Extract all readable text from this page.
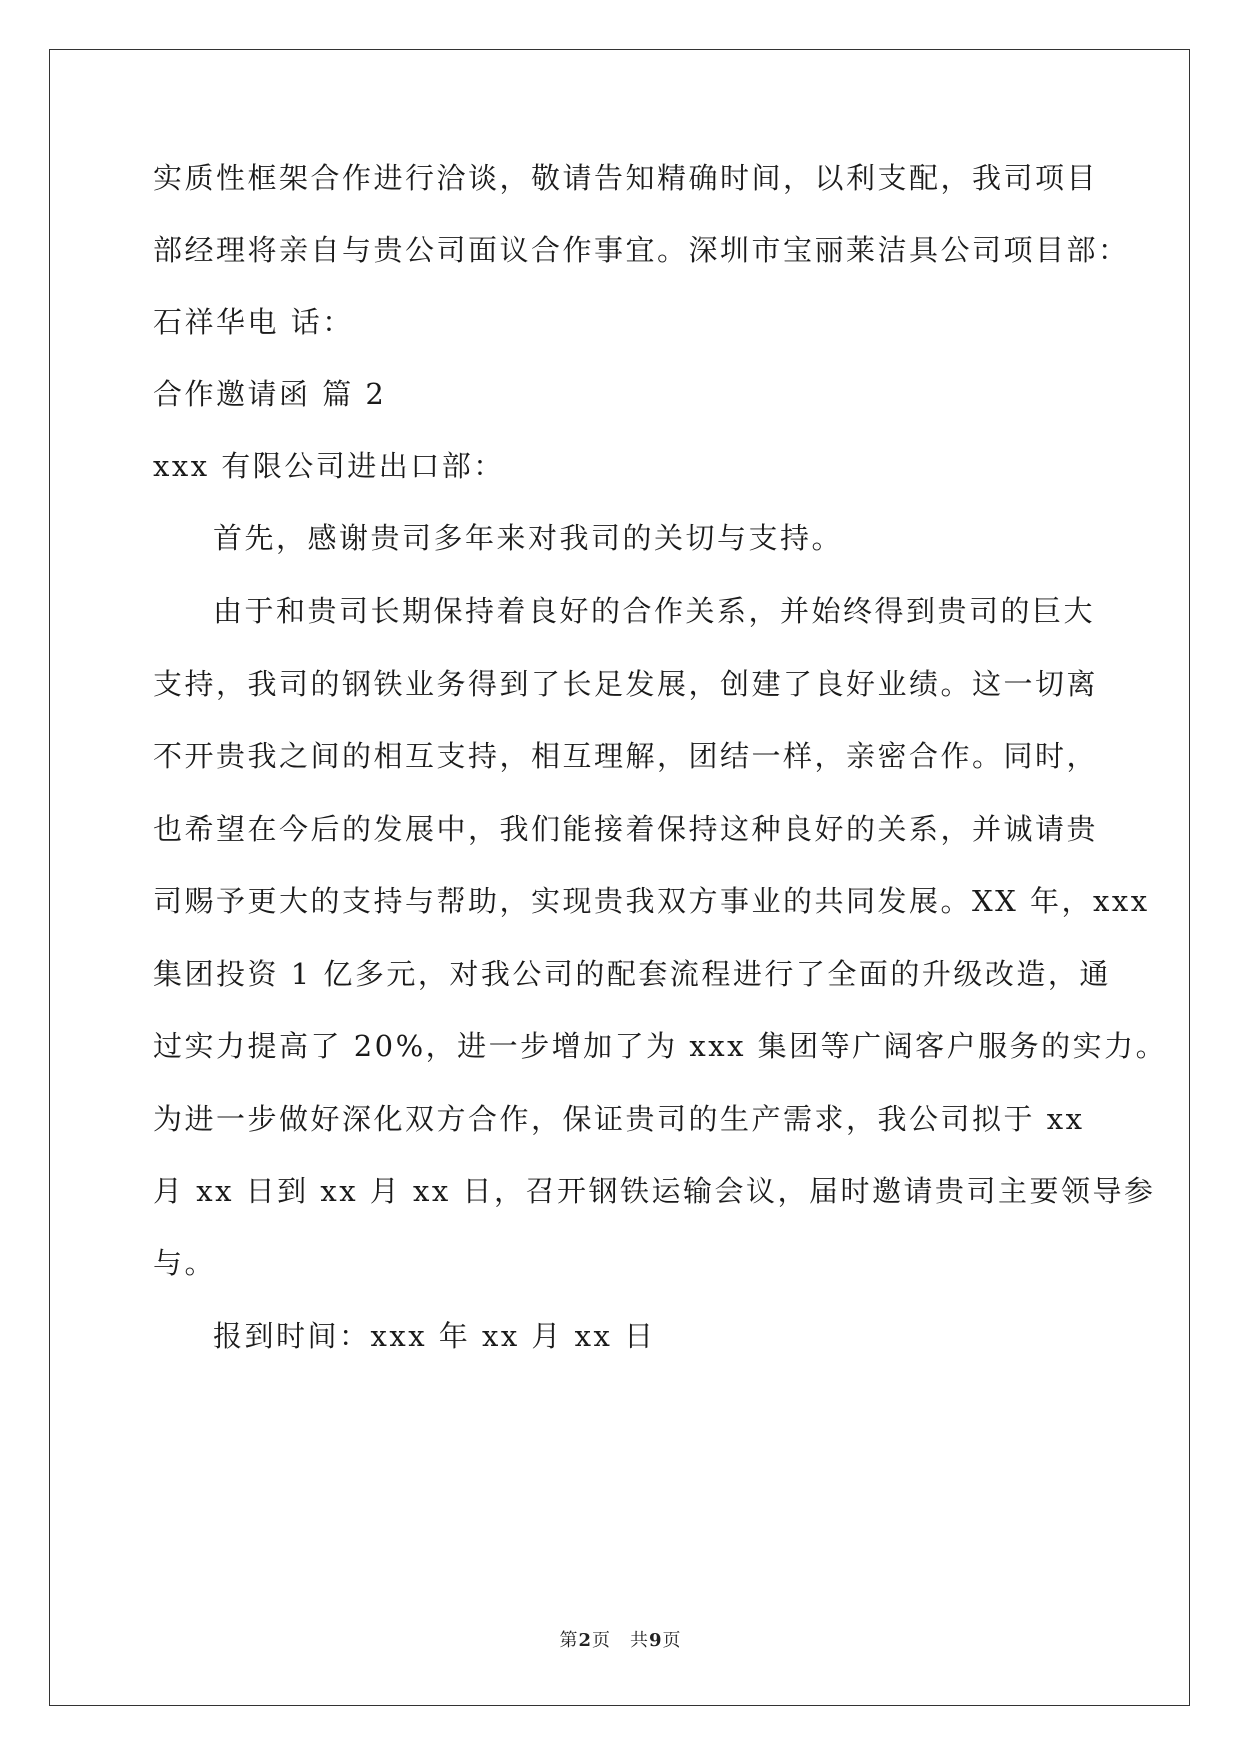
实质性框架合作进行洽谈，敬请告知精确时间，以利支配，我司项目
部经理将亲自与贵公司面议合作事宜。深圳市宝丽莱洁具公司项目部：
石祥华电 话：
合作邀请函 篇 2
xxx 有限公司进出口部：
首先，感谢贵司多年来对我司的关切与支持。
由于和贵司长期保持着良好的合作关系，并始终得到贵司的巨大
支持，我司的钢铁业务得到了长足发展，创建了良好业绩。这一切离
不开贵我之间的相互支持，相互理解，团结一样，亲密合作。同时，
也希望在今后的发展中，我们能接着保持这种良好的关系，并诚请贵
司赐予更大的支持与帮助，实现贵我双方事业的共同发展。XX 年，xxx
集团投资 1 亿多元，对我公司的配套流程进行了全面的升级改造，通
过实力提高了 20%，进一步增加了为 xxx 集团等广阔客户服务的实力。
为进一步做好深化双方合作，保证贵司的生产需求，我公司拟于 xx
月 xx 日到 xx 月 xx 日，召开钢铁运输会议，届时邀请贵司主要领导参
与。
报到时间：xxx 年 xx 月 xx 日
第2页　共9页
